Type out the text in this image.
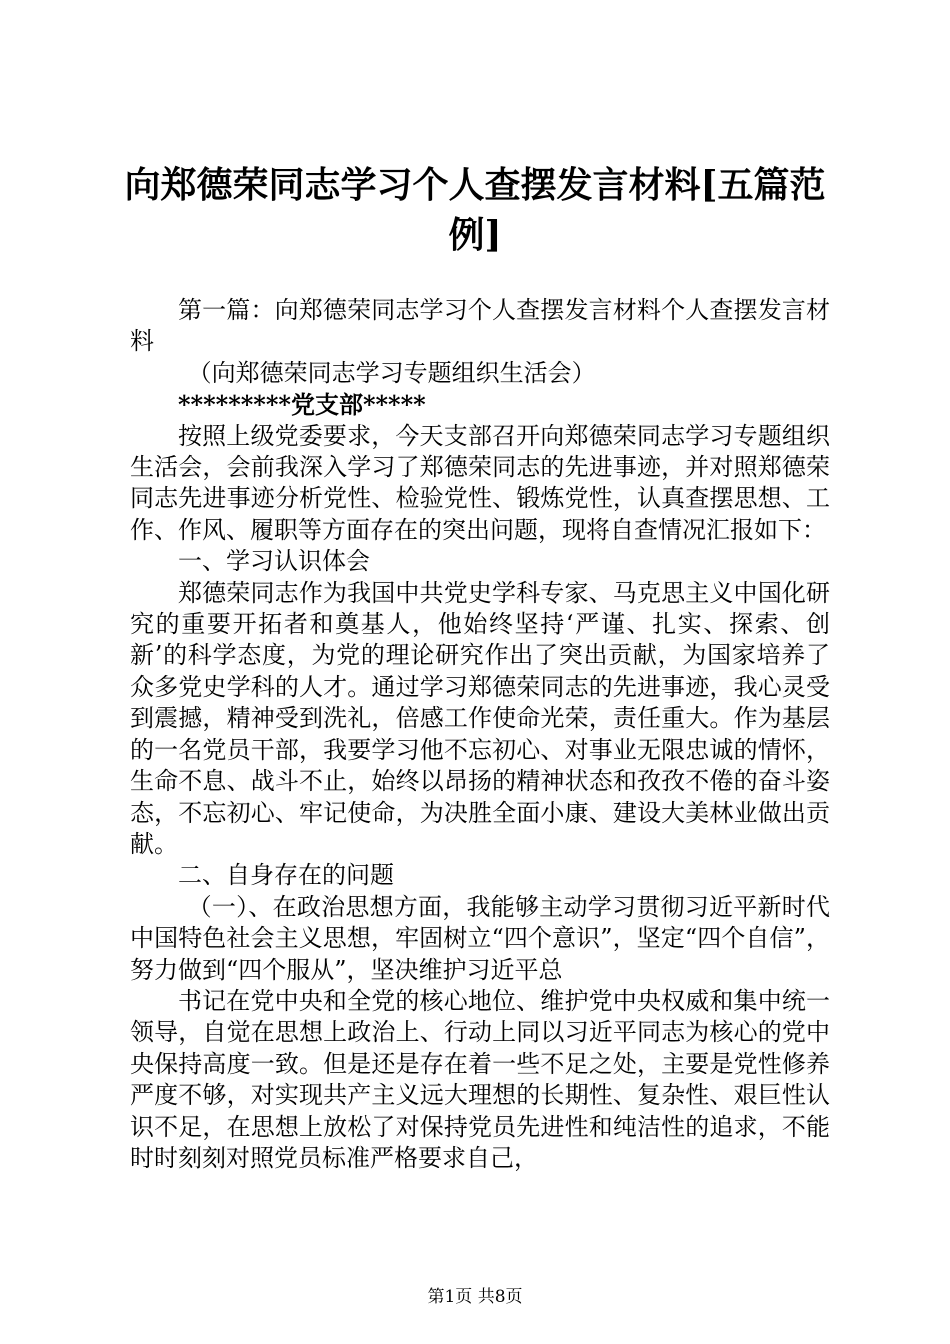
向郑德荣同志学习个人查摆发言材料[五篇范例]

第一篇：向郑德荣同志学习个人查摆发言材料个人查摆发言材料

（向郑德荣同志学习专题组织生活会）

*********党支部*****

按照上级党委要求，今天支部召开向郑德荣同志学习专题组织生活会，会前我深入学习了郑德荣同志的先进事迹，并对照郑德荣同志先进事迹分析党性、检验党性、锻炼党性，认真查摆思想、工作、作风、履职等方面存在的突出问题，现将自查情况汇报如下：

一、学习认识体会

郑德荣同志作为我国中共党史学科专家、马克思主义中国化研究的重要开拓者和奠基人，他始终坚持‘严谨、扎实、探索、创新’的科学态度，为党的理论研究作出了突出贡献，为国家培养了众多党史学科的人才。通过学习郑德荣同志的先进事迹，我心灵受到震撼，精神受到洗礼，倍感工作使命光荣，责任重大。作为基层的一名党员干部，我要学习他不忘初心、对事业无限忠诚的情怀，生命不息、战斗不止，始终以昂扬的精神状态和孜孜不倦的奋斗姿态，不忘初心、牢记使命，为决胜全面小康、建设大美林业做出贡献。

二、自身存在的问题

（一）、在政治思想方面，我能够主动学习贯彻习近平新时代中国特色社会主义思想，牢固树立“四个意识”，坚定“四个自信”，努力做到“四个服从”，坚决维护习近平总

书记在党中央和全党的核心地位、维护党中央权威和集中统一领导，自觉在思想上政治上、行动上同以习近平同志为核心的党中央保持高度一致。但是还是存在着一些不足之处，主要是党性修养严度不够，对实现共产主义远大理想的长期性、复杂性、艰巨性认识不足，在思想上放松了对保持党员先进性和纯洁性的追求，不能时时刻刻对照党员标准严格要求自己，

第1页 共8页
